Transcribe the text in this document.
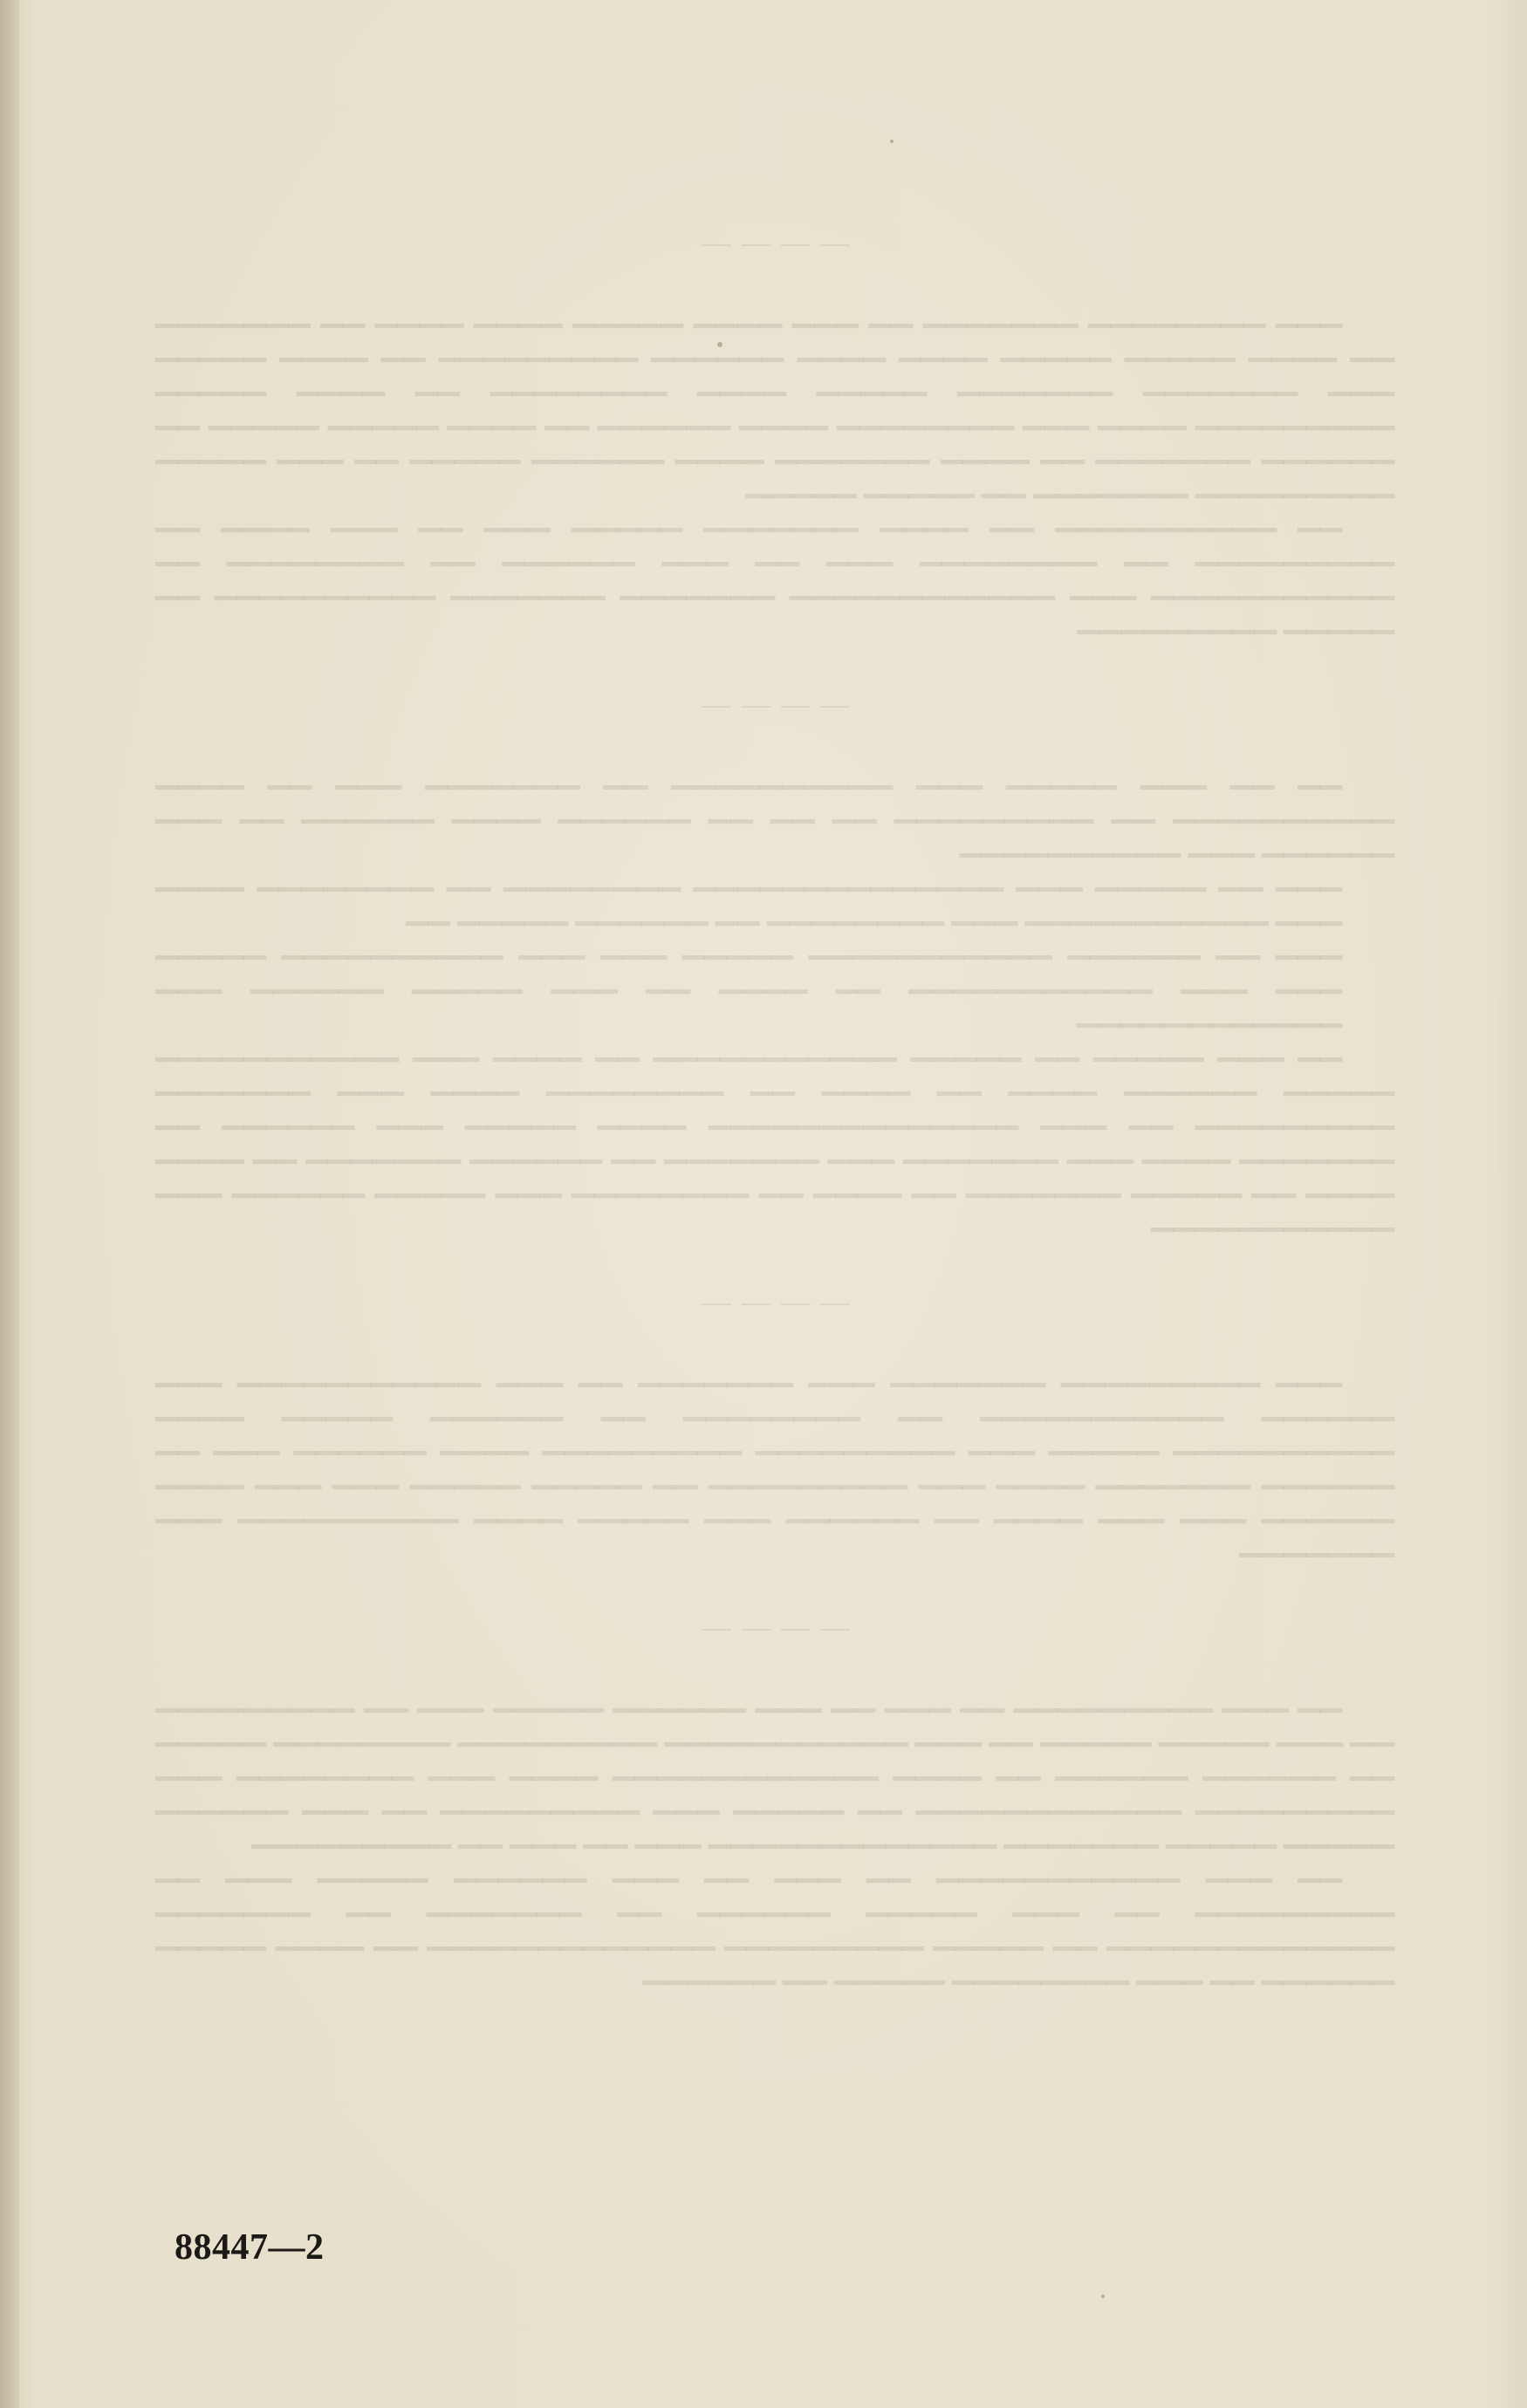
— — — —

▁▁▁ ▁▁▁▁▁▁▁▁ ▁▁▁▁▁▁▁ ▁▁ ▁▁▁ ▁▁▁▁ ▁▁▁▁▁ ▁▁▁▁ ▁▁▁▁ ▁▁ ▁▁▁▁▁▁▁ ▁▁ ▁▁▁▁ ▁▁▁▁▁ ▁▁▁▁▁ ▁▁▁▁ ▁▁▁▁ ▁▁▁▁▁▁ ▁▁▁▁▁▁▁▁▁ ▁▁ ▁▁▁▁ ▁▁▁▁▁ ▁▁▁ ▁▁▁▁▁▁▁ ▁▁▁▁▁▁▁ ▁▁▁▁▁ ▁▁▁▁ ▁▁▁▁▁▁▁▁ ▁▁ ▁▁▁▁ ▁▁▁▁▁ ▁▁▁▁▁▁▁▁▁ ▁▁▁▁ ▁▁▁ ▁▁▁▁▁▁▁▁ ▁▁▁▁ ▁▁▁▁▁▁ ▁▁ ▁▁▁▁ ▁▁▁▁▁ ▁▁▁▁▁ ▁▁ ▁▁▁▁▁▁ ▁▁▁▁▁▁▁ ▁▁ ▁▁▁▁ ▁▁▁▁▁▁▁ ▁▁▁▁ ▁▁▁▁▁▁ ▁▁▁▁▁ ▁▁ ▁▁▁ ▁▁▁▁▁ ▁▁▁▁▁▁▁▁▁ ▁▁▁▁▁▁▁ ▁▁ ▁▁▁▁▁ ▁▁▁▁▁

▁▁ ▁▁▁▁▁▁▁▁▁▁ ▁▁ ▁▁▁▁ ▁▁▁▁▁▁▁ ▁▁▁▁▁ ▁▁▁ ▁▁ ▁▁▁ ▁▁▁▁ ▁▁ ▁▁▁▁▁▁▁▁▁ ▁▁ ▁▁▁▁▁▁▁▁ ▁▁▁ ▁▁ ▁▁▁ ▁▁▁▁▁▁ ▁▁ ▁▁▁▁▁▁▁▁ ▁▁ ▁▁▁▁▁▁▁▁▁▁▁ ▁▁▁ ▁▁▁▁▁▁▁▁▁▁▁▁ ▁▁▁▁▁▁▁ ▁▁▁▁▁▁▁ ▁▁▁▁▁▁▁▁▁▁ ▁▁ ▁▁▁▁▁ ▁▁▁▁▁▁▁▁▁

— — — —

▁▁ ▁▁ ▁▁▁ ▁▁▁▁▁ ▁▁▁ ▁▁▁▁▁▁▁▁▁▁ ▁▁ ▁▁▁▁▁▁▁ ▁▁▁ ▁▁ ▁▁▁▁ ▁▁▁▁▁▁▁▁▁▁ ▁▁ ▁▁▁▁▁▁▁▁▁ ▁▁ ▁▁ ▁▁ ▁▁▁▁▁▁ ▁▁▁▁ ▁▁▁▁▁▁ ▁▁ ▁▁▁ ▁▁▁▁▁▁ ▁▁▁ ▁▁▁▁▁▁▁▁▁▁

▁▁▁ ▁▁ ▁▁▁▁▁ ▁▁▁ ▁▁▁▁▁▁▁▁▁▁▁▁▁▁ ▁▁▁▁▁▁▁▁ ▁▁ ▁▁▁▁▁▁▁▁ ▁▁▁▁ ▁▁▁ ▁▁▁▁▁▁▁▁▁▁▁ ▁▁▁ ▁▁▁▁▁▁▁▁ ▁▁ ▁▁▁▁▁▁ ▁▁▁▁▁ ▁▁

▁▁▁ ▁▁ ▁▁▁▁▁▁ ▁▁▁▁▁▁▁▁▁▁▁ ▁▁▁▁▁ ▁▁▁ ▁▁▁ ▁▁▁▁▁▁▁▁▁▁ ▁▁▁▁▁ ▁▁▁ ▁▁▁ ▁▁▁▁▁▁▁▁▁▁▁ ▁▁ ▁▁▁▁ ▁▁ ▁▁▁ ▁▁▁▁▁ ▁▁▁▁▁▁ ▁▁▁ ▁▁▁▁▁▁▁▁▁▁▁▁

▁▁ ▁▁▁ ▁▁▁▁▁ ▁▁ ▁▁▁▁▁ ▁▁▁▁▁▁▁▁▁▁▁ ▁▁ ▁▁▁▁ ▁▁▁ ▁▁▁▁▁▁▁▁▁▁▁ ▁▁▁▁▁ ▁▁▁▁▁▁ ▁▁▁▁ ▁▁ ▁▁▁▁ ▁▁ ▁▁▁▁▁▁▁▁ ▁▁▁▁ ▁▁▁ ▁▁▁▁▁▁▁ ▁▁▁▁▁▁▁▁▁ ▁▁ ▁▁▁ ▁▁▁▁▁▁▁▁▁▁▁▁▁▁ ▁▁▁▁ ▁▁▁▁▁ ▁▁▁ ▁▁▁▁▁▁ ▁▁ ▁▁▁▁▁▁▁ ▁▁▁▁ ▁▁▁ ▁▁▁▁▁▁▁ ▁▁▁ ▁▁▁▁▁▁▁ ▁▁ ▁▁▁▁▁▁ ▁▁▁▁▁▁▁ ▁▁ ▁▁▁▁ ▁▁▁▁ ▁▁ ▁▁▁▁▁ ▁▁▁▁▁▁▁ ▁▁ ▁▁▁▁ ▁▁ ▁▁▁▁▁▁▁▁ ▁▁▁ ▁▁▁▁▁ ▁▁▁▁▁▁ ▁▁▁ ▁▁▁▁▁▁▁▁▁▁▁

— — — —

▁▁▁ ▁▁▁▁▁▁▁▁▁ ▁▁▁▁▁▁▁ ▁▁▁ ▁▁▁▁▁▁▁ ▁▁ ▁▁▁ ▁▁▁▁▁▁▁▁▁▁▁ ▁▁▁ ▁▁▁▁▁▁ ▁▁▁▁▁▁▁▁▁▁▁ ▁▁ ▁▁▁▁▁▁▁▁ ▁▁ ▁▁▁▁▁▁ ▁▁▁▁▁ ▁▁▁▁ ▁▁▁▁▁▁▁▁▁▁ ▁▁▁▁▁ ▁▁▁ ▁▁▁▁▁▁▁▁▁ ▁▁▁▁▁▁▁▁▁ ▁▁▁▁ ▁▁▁▁▁▁ ▁▁▁ ▁▁ ▁▁▁▁▁▁ ▁▁▁▁▁▁▁ ▁▁▁▁ ▁▁▁ ▁▁▁▁▁▁▁▁▁ ▁▁ ▁▁▁▁▁ ▁▁▁▁▁ ▁▁▁ ▁▁▁ ▁▁▁▁ ▁▁▁▁▁▁ ▁▁▁ ▁▁▁ ▁▁▁▁ ▁▁ ▁▁▁▁▁▁ ▁▁▁ ▁▁▁▁▁ ▁▁▁▁ ▁▁▁▁▁▁▁▁▁▁ ▁▁▁ ▁▁▁▁▁▁▁

— — — —

▁▁ ▁▁▁ ▁▁▁▁▁▁▁▁▁ ▁▁ ▁▁▁ ▁▁ ▁▁▁ ▁▁▁▁▁▁ ▁▁▁▁▁ ▁▁▁ ▁▁ ▁▁▁▁▁▁▁▁▁ ▁▁ ▁▁▁ ▁▁▁▁▁ ▁▁▁▁▁ ▁▁ ▁▁▁ ▁▁▁▁▁▁▁▁▁▁▁ ▁▁▁▁▁▁▁▁▁ ▁▁▁▁▁▁▁▁ ▁▁▁▁▁ ▁▁ ▁▁▁▁▁▁ ▁▁▁▁▁▁ ▁▁ ▁▁▁▁ ▁▁▁▁▁▁▁▁▁▁▁▁ ▁▁▁▁ ▁▁▁ ▁▁▁▁▁▁▁▁ ▁▁▁ ▁▁▁▁▁▁▁▁▁ ▁▁▁▁▁▁▁▁▁▁▁▁ ▁▁ ▁▁▁▁▁ ▁▁▁ ▁▁▁▁▁▁▁▁▁ ▁▁ ▁▁▁ ▁▁▁▁▁▁ ▁▁▁▁▁ ▁▁▁▁▁ ▁▁▁▁▁▁▁ ▁▁▁▁▁▁▁▁▁▁▁▁▁ ▁▁▁ ▁▁ ▁▁▁ ▁▁ ▁▁▁▁▁▁▁▁▁

▁▁ ▁▁▁ ▁▁▁▁▁▁▁▁▁▁▁ ▁▁ ▁▁▁ ▁▁ ▁▁▁ ▁▁▁▁▁▁ ▁▁▁▁▁ ▁▁▁ ▁▁ ▁▁▁▁▁▁▁▁▁ ▁▁ ▁▁▁ ▁▁▁▁▁ ▁▁▁▁▁▁ ▁▁ ▁▁▁▁▁▁▁ ▁▁ ▁▁▁▁▁▁▁ ▁▁▁▁▁▁▁▁▁▁▁▁▁ ▁▁ ▁▁▁▁▁ ▁▁▁▁▁▁▁▁▁ ▁▁▁▁▁▁▁▁▁▁▁▁▁ ▁▁ ▁▁▁▁ ▁▁▁▁▁ ▁▁▁▁▁▁ ▁▁ ▁▁▁ ▁▁▁▁▁▁▁▁ ▁▁▁▁▁ ▁▁ ▁▁▁▁▁▁

88447—2
